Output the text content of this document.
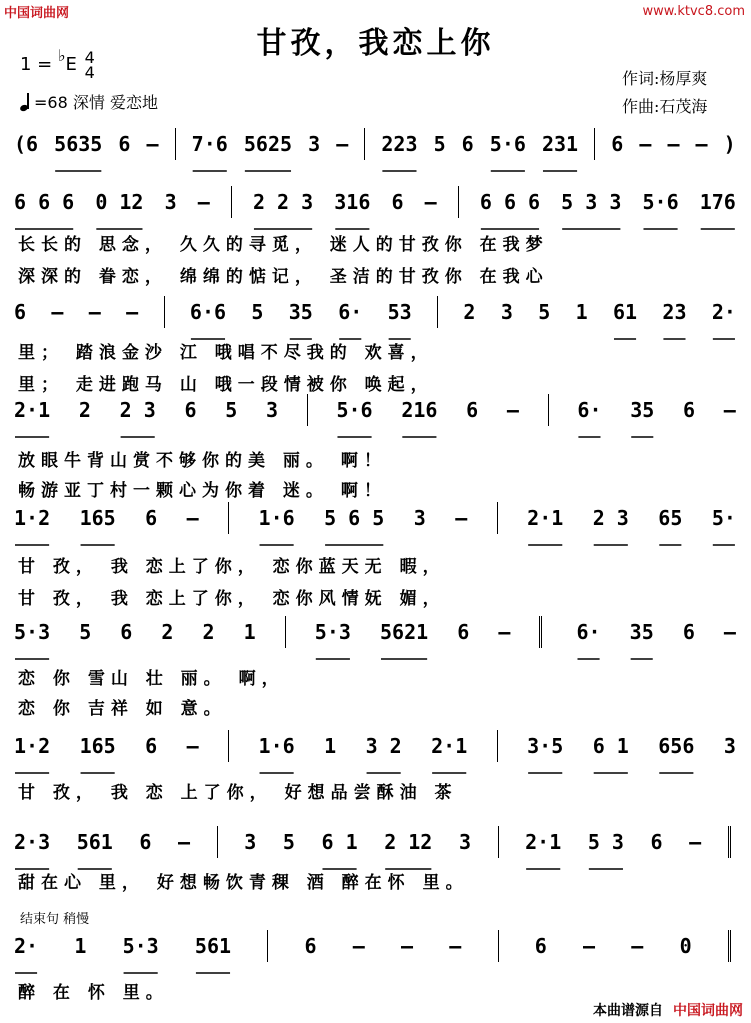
中国词曲网	www.ktvc8.com
甘孜，我恋上你
1 = ♭E 4
4
=68 深情 爱恋地
作词:杨厚爽
作曲:石茂海
(6 5635 6 – 7·6 5625 3 – 223 5 6 5·6 231 6 – – – )
6 6 6 0 12 3 – 2 2 3 316 6 – 6 6 6 5 3 3 5·6 176
长长的 思念， 久久的寻觅， 迷人的甘孜你 在我梦
深深的 眷恋， 绵绵的惦记， 圣洁的甘孜你 在我心
6 – – –	6·6 5 35 6· 53	2 3 5 1 61 23 2·
里； 踏浪金沙 江 哦唱不尽我的 欢喜，
里； 走进跑马 山 哦一段情被你 唤起，
2·1 2 2 3 6 5 3	5·6 216 6 –	6· 35 6 –
放眼牛背山赏不够你的美 丽。 啊！
畅游亚丁村一颗心为你着 迷。 啊！
1·2 165 6 –	1·6 5 6 5 3 –	2·1 2 3 65 5·
甘 孜， 我 恋上了你， 恋你蓝天无 暇，
甘 孜， 我 恋上了你， 恋你风情妩 媚，
5·3 5 6 2 2 1	5·3 5621 6 –	6· 35 6 –
恋 你 雪山 壮 丽。 啊，
恋 你 吉祥 如 意。
1·2 165 6 –	1·6 1 3 2 2·1	3·5 6 1 656 3
甘 孜， 我 恋 上了你， 好想品尝酥油 茶
2·3 561 6 –	3 5 6 1 2 12 3	2·1 5 3 6 –
甜在心 里， 好想畅饮青稞 酒 醉在怀 里。
2· 1 5·3 561	6 – – –	6 – – 0
醉 在 怀 里。
结束句 稍慢
本曲谱源自 中国词曲网
